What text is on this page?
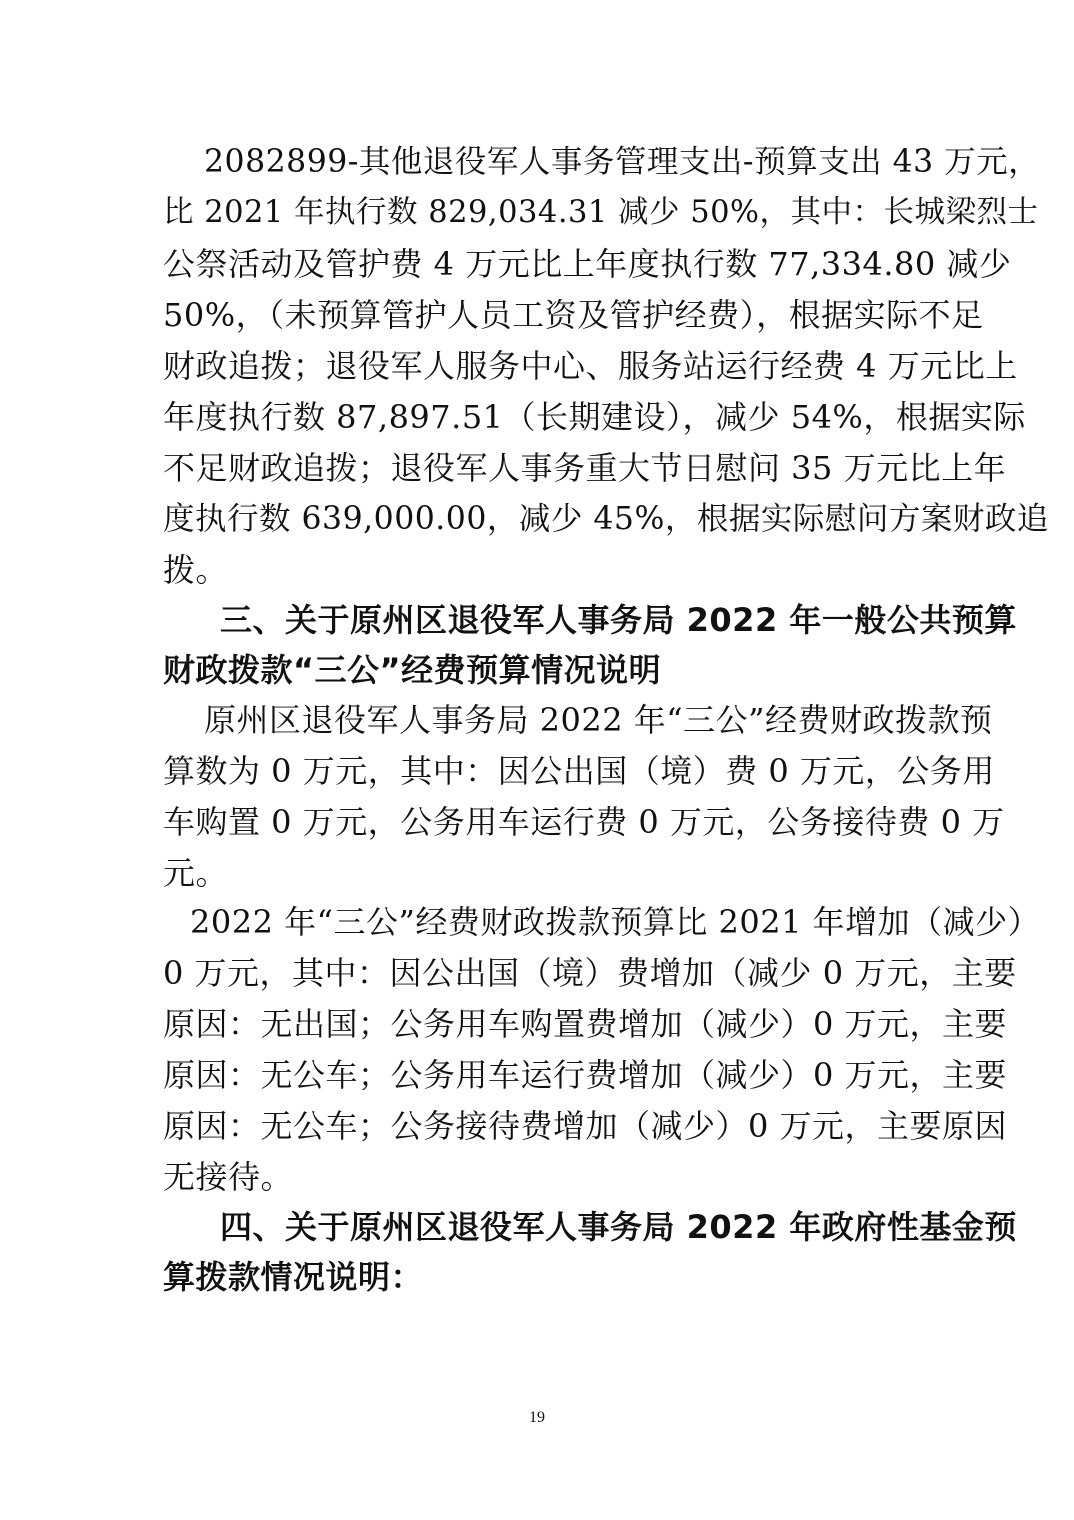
2082899-其他退役军人事务管理支出-预算支出 43 万元，
比 2021 年执行数 829,034.31 减少 50%，其中：长城梁烈士
公祭活动及管护费 4 万元比上年度执行数 77,334.80 减少
50%，（未预算管护人员工资及管护经费），根据实际不足
财政追拨；退役军人服务中心、服务站运行经费 4 万元比上
年度执行数 87,897.51（长期建设），减少 54%，根据实际
不足财政追拨；退役军人事务重大节日慰问 35 万元比上年
度执行数 639,000.00，减少 45%，根据实际慰问方案财政追
拨。
三、关于原州区退役军人事务局 2022 年一般公共预算
财政拨款“三公”经费预算情况说明
原州区退役军人事务局 2022 年“三公”经费财政拨款预
算数为 0 万元，其中：因公出国（境）费 0 万元，公务用
车购置 0 万元，公务用车运行费 0 万元，公务接待费 0 万
元。
2022 年“三公”经费财政拨款预算比 2021 年增加（减少）
0 万元，其中：因公出国（境）费增加（减少 0 万元，主要
原因：无出国；公务用车购置费增加（减少）0 万元，主要
原因：无公车；公务用车运行费增加（减少）0 万元，主要
原因：无公车；公务接待费增加（减少）0 万元，主要原因
无接待。
四、关于原州区退役军人事务局 2022 年政府性基金预
算拨款情况说明：
19
